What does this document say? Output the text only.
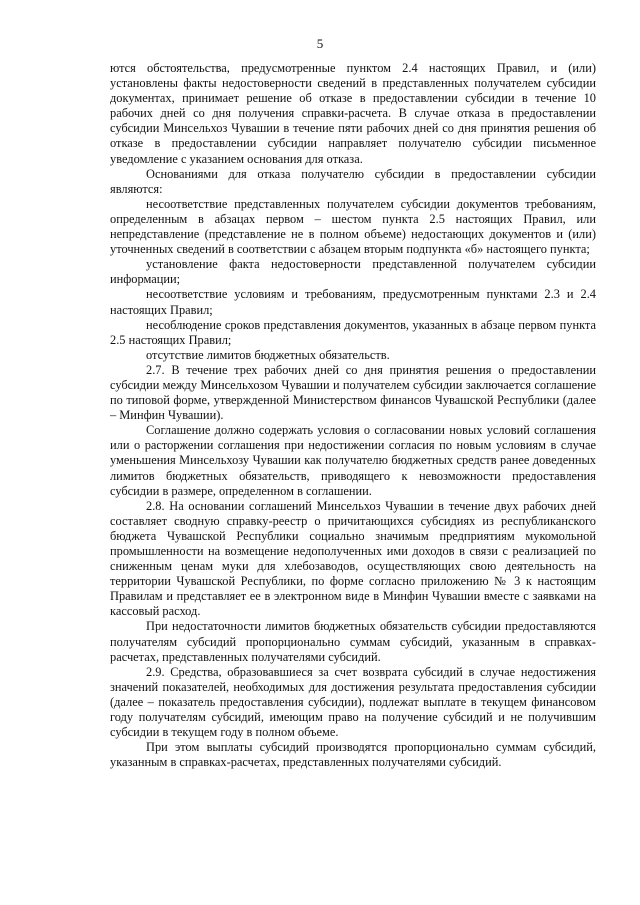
5

ются обстоятельства, предусмотренные пунктом 2.4 настоящих Правил, и (или) установлены факты недостоверности сведений в представленных получателем субсидии документах, принимает решение об отказе в предоставлении субсидии в течение 10 рабочих дней со дня получения справки-расчета. В случае отказа в предоставлении субсидии Минсельхоз Чувашии в течение пяти рабочих дней со дня принятия решения об отказе в предоставлении субсидии направляет получателю субсидии письменное уведомление с указанием основания для отказа.

Основаниями для отказа получателю субсидии в предоставлении субсидии являются:

несоответствие представленных получателем субсидии документов требованиям, определенным в абзацах первом – шестом пункта 2.5 настоящих Правил, или непредставление (представление не в полном объеме) недостающих документов и (или) уточненных сведений в соответствии с абзацем вторым подпункта «б» настоящего пункта;

установление факта недостоверности представленной получателем субсидии информации;

несоответствие условиям и требованиям, предусмотренным пунктами 2.3 и 2.4 настоящих Правил;

несоблюдение сроков представления документов, указанных в абзаце первом пункта 2.5 настоящих Правил;

отсутствие лимитов бюджетных обязательств.

2.7. В течение трех рабочих дней со дня принятия решения о предоставлении субсидии между Минсельхозом Чувашии и получателем субсидии заключается соглашение по типовой форме, утвержденной Министерством финансов Чувашской Республики (далее – Минфин Чувашии).

Соглашение должно содержать условия о согласовании новых условий соглашения или о расторжении соглашения при недостижении согласия по новым условиям в случае уменьшения Минсельхозу Чувашии как получателю бюджетных средств ранее доведенных лимитов бюджетных обязательств, приводящего к невозможности предоставления субсидии в размере, определенном в соглашении.

2.8. На основании соглашений Минсельхоз Чувашии в течение двух рабочих дней составляет сводную справку-реестр о причитающихся субсидиях из республиканского бюджета Чувашской Республики социально значимым предприятиям мукомольной промышленности на возмещение недополученных ими доходов в связи с реализацией по сниженным ценам муки для хлебозаводов, осуществляющих свою деятельность на территории Чувашской Республики, по форме согласно приложению № 3 к настоящим Правилам и представляет ее в электронном виде в Минфин Чувашии вместе с заявками на кассовый расход.

При недостаточности лимитов бюджетных обязательств субсидии предоставляются получателям субсидий пропорционально суммам субсидий, указанным в справках-расчетах, представленных получателями субсидий.

2.9. Средства, образовавшиеся за счет возврата субсидий в случае недостижения значений показателей, необходимых для достижения результата предоставления субсидии (далее – показатель предоставления субсидии), подлежат выплате в текущем финансовом году получателям субсидий, имеющим право на получение субсидий и не получившим субсидии в текущем году в полном объеме.

При этом выплаты субсидий производятся пропорционально суммам субсидий, указанным в справках-расчетах, представленных получателями субсидий.
